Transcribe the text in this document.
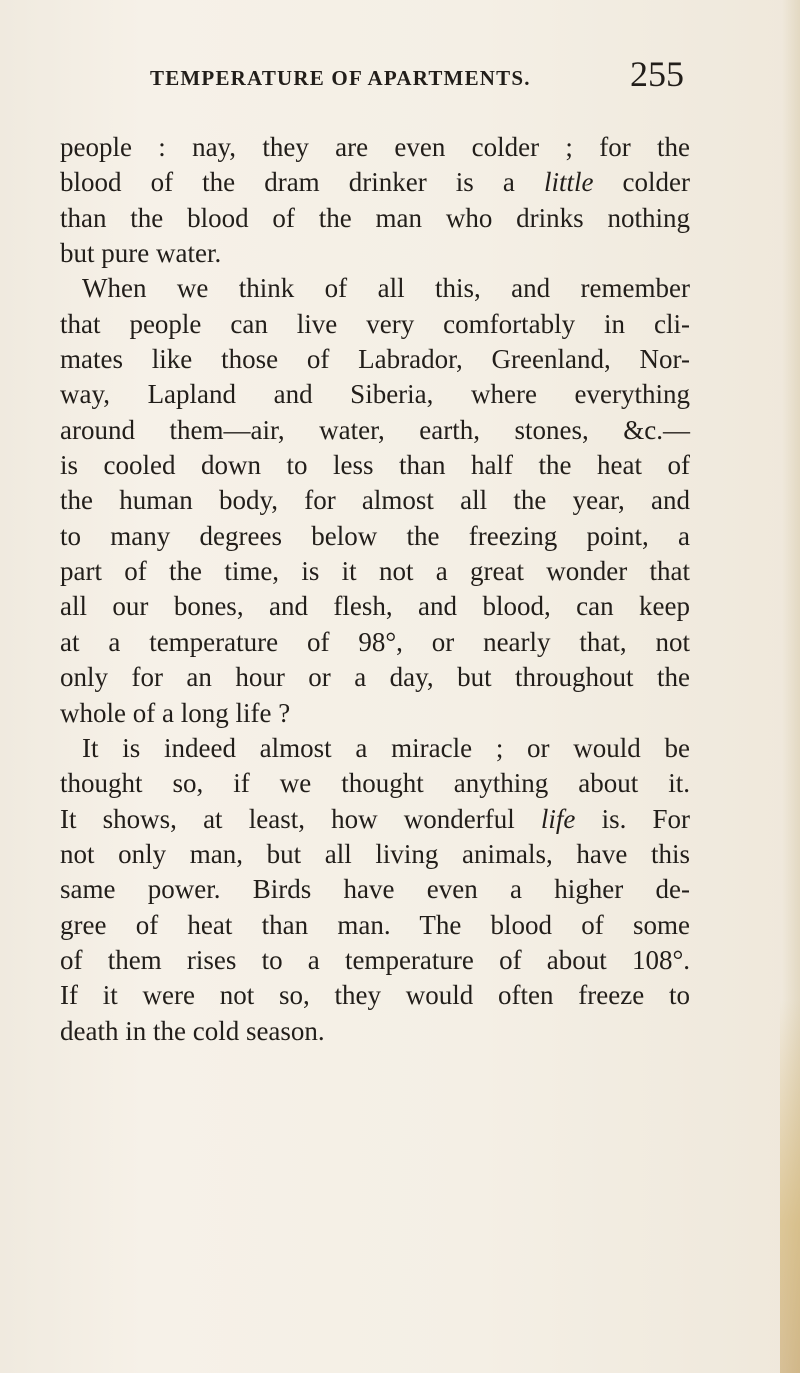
TEMPERATURE OF APARTMENTS.	255
people : nay, they are even colder ; for the
blood of the dram drinker is a little colder
than the blood of the man who drinks nothing
but pure water.
When we think of all this, and remember
that people can live very comfortably in cli-
mates like those of Labrador, Greenland, Nor-
way, Lapland and Siberia, where everything
around them—air, water, earth, stones, &c.—
is cooled down to less than half the heat of
the human body, for almost all the year, and
to many degrees below the freezing point, a
part of the time, is it not a great wonder that
all our bones, and flesh, and blood, can keep
at a temperature of 98°, or nearly that, not
only for an hour or a day, but throughout the
whole of a long life ?
It is indeed almost a miracle ; or would be
thought so, if we thought anything about it.
It shows, at least, how wonderful life is. For
not only man, but all living animals, have this
same power. Birds have even a higher de-
gree of heat than man. The blood of some
of them rises to a temperature of about 108°.
If it were not so, they would often freeze to
death in the cold season.
